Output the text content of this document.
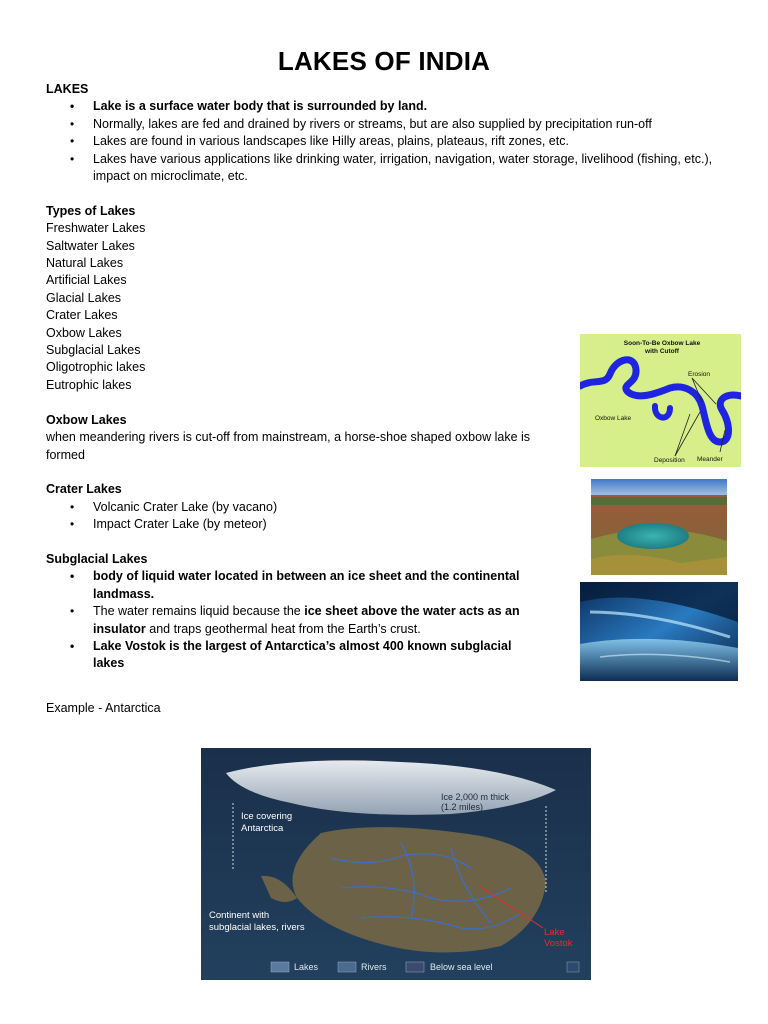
LAKES OF INDIA
LAKES
• Lake is a surface water body that is surrounded by land.
• Normally, lakes are fed and drained by rivers or streams, but are also supplied by precipitation run-off
• Lakes are found in various landscapes like Hilly areas, plains, plateaus, rift zones, etc.
• Lakes have various applications like drinking water, irrigation, navigation, water storage, livelihood (fishing, etc.), impact on microclimate, etc.
Types of Lakes
Freshwater Lakes
Saltwater Lakes
Natural Lakes
Artificial Lakes
Glacial Lakes
Crater Lakes
Oxbow Lakes
Subglacial Lakes
Oligotrophic lakes
Eutrophic lakes
Oxbow Lakes
when meandering rivers is cut-off from mainstream, a horse-shoe shaped oxbow lake is formed
Crater Lakes
• Volcanic Crater Lake (by vacano)
• Impact Crater Lake (by meteor)
Subglacial Lakes
• body of liquid water located in between an ice sheet and the continental landmass.
• The water remains liquid because the ice sheet above the water acts as an insulator and traps geothermal heat from the Earth’s crust.
• Lake Vostok is the largest of Antarctica’s almost 400 known subglacial lakes
Example - Antarctica
Soon-To-Be Oxbow Lake
with Cutoff
Erosion
Oxbow Lake
Deposition Meander
Ice 2,000 m thick
(1.2 miles)
Ice covering
Antarctica
Continent with
subglacial lakes, rivers	Lake
Vostok
Lakes	Rivers	Below sea level
